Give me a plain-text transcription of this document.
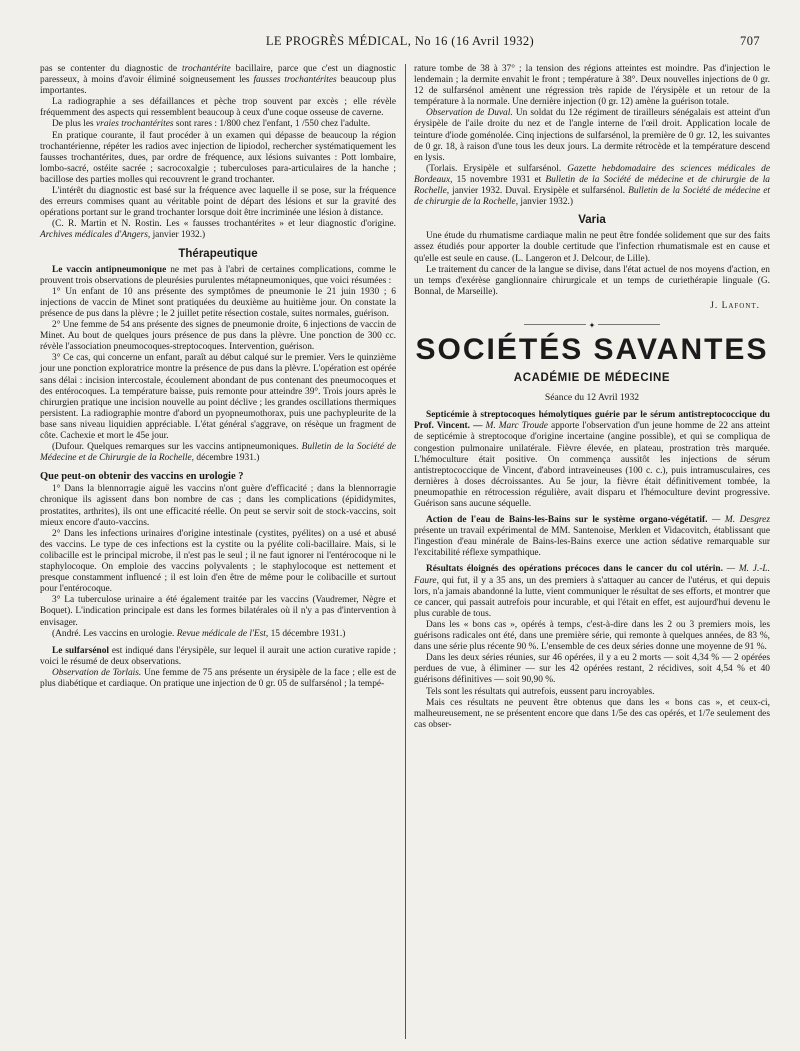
LE PROGRÈS MÉDICAL, No 16 (16 Avril 1932)	707

pas se contenter du diagnostic de trochantérite bacillaire, parce que c'est un diagnostic paresseux, à moins d'avoir éliminé soigneusement les fausses trochantérites beaucoup plus importantes.

La radiographie a ses défaillances et pèche trop souvent par excès ; elle révèle fréquemment des aspects qui ressemblent beaucoup à ceux d'une coque osseuse de caverne.

De plus les vraies trochantérites sont rares : 1/800 chez l'enfant, 1 /550 chez l'adulte.

En pratique courante, il faut procéder à un examen qui dépasse de beaucoup la région trochantérienne, répéter les radios avec injection de lipiodol, rechercher systématiquement les fausses trochantérites, dues, par ordre de fréquence, aux lésions suivantes : Pott lombaire, lombo-sacré, ostéite sacrée ; sacrocoxalgie ; tuberculoses para-articulaires de la hanche ; bacillose des parties molles qui recouvrent le grand trochanter.

L'intérêt du diagnostic est basé sur la fréquence avec laquelle il se pose, sur la fréquence des erreurs commises quant au véritable point de départ des lésions et sur la gravité des opérations portant sur le grand trochanter lorsque doit être incriminée une lésion à distance.

(C. R. Martin et N. Rostin. Les « fausses trochantérites » et leur diagnostic d'origine. Archives médicales d'Angers, janvier 1932.)

Thérapeutique

Le vaccin antipneumonique ne met pas à l'abri de certaines complications, comme le prouvent trois observations de pleurésies purulentes métapneumoniques, que voici résumées :

1° Un enfant de 10 ans présente des symptômes de pneumonie le 21 juin 1930 ; 6 injections de vaccin de Minet sont pratiquées du deuxième au huitième jour. On constate la présence de pus dans la plèvre ; le 2 juillet petite résection costale, suites normales, guérison.

2° Une femme de 54 ans présente des signes de pneumonie droite, 6 injections de vaccin de Minet. Au bout de quelques jours présence de pus dans la plèvre. Une ponction de 300 cc. révèle l'association pneumocoques-streptocoques. Intervention, guérison.

3° Ce cas, qui concerne un enfant, paraît au début calqué sur le premier. Vers le quinzième jour une ponction exploratrice montre la présence de pus dans la plèvre. L'opération est opérée sans délai : incision intercostale, écoulement abondant de pus contenant des pneumocoques et des entérocoques. La température baisse, puis remonte pour atteindre 39°. Trois jours après le chirurgien pratique une incision nouvelle au point déclive ; les grandes oscillations thermiques persistent. La radiographie montre d'abord un pyopneumothorax, puis une pachypleurite de la base sans niveau liquidien appréciable. L'état général s'aggrave, on résèque un fragment de côte. Cachexie et mort le 45e jour.

(Dufour. Quelques remarques sur les vaccins antipneumoniques. Bulletin de la Société de Médecine et de Chirurgie de la Rochelle, décembre 1931.)

Que peut-on obtenir des vaccins en urologie ?

1° Dans la blennorragie aiguë les vaccins n'ont guère d'efficacité ; dans la blennorragie chronique ils agissent dans bon nombre de cas ; dans les complications (épididymites, prostatites, arthrites), ils ont une efficacité réelle. On peut se servir soit de stock-vaccins, soit mieux encore d'auto-vaccins.

2° Dans les infections urinaires d'origine intestinale (cystites, pyélites) on a usé et abusé des vaccins. Le type de ces infections est la cystite ou la pyélite coli-bacillaire. Mais, si le colibacille est le principal microbe, il n'est pas le seul ; il ne faut ignorer ni l'entérocoque ni le staphylocoque. On emploie des vaccins polyvalents ; le staphylocoque est nettement et presque constamment influencé ; il est loin d'en être de même pour le colibacille et surtout pour l'entérocoque.

3° La tuberculose urinaire a été également traitée par les vaccins (Vaudremer, Nègre et Boquet). L'indication principale est dans les formes bilatérales où il n'y a pas d'intervention à envisager.

(André. Les vaccins en urologie. Revue médicale de l'Est, 15 décembre 1931.)

Le sulfarsénol est indiqué dans l'érysipèle, sur lequel il aurait une action curative rapide ; voici le résumé de deux observations.

Observation de Torlais. Une femme de 75 ans présente un érysipèle de la face ; elle est de plus diabétique et cardiaque. On pratique une injection de 0 gr. 05 de sulfarsénol ; la tempé-

rature tombe de 38 à 37° ; la tension des régions atteintes est moindre. Pas d'injection le lendemain ; la dermite envahit le front ; température à 38°. Deux nouvelles injections de 0 gr. 12 de sulfarsénol amènent une régression très rapide de l'érysipèle et un retour de la température à la normale. Une dernière injection (0 gr. 12) amène la guérison totale.

Observation de Duval. Un soldat du 12e régiment de tirailleurs sénégalais est atteint d'un érysipèle de l'aile droite du nez et de l'angle interne de l'œil droit. Application locale de teinture d'iode goménolée. Cinq injections de sulfarsénol, la première de 0 gr. 12, les suivantes de 0 gr. 18, à raison d'une tous les deux jours. La dermite rétrocède et la température descend en lysis.

(Torlais. Erysipèle et sulfarsénol. Gazette hebdomadaire des sciences médicales de Bordeaux, 15 novembre 1931 et Bulletin de la Société de médecine et de chirurgie de la Rochelle, janvier 1932. Duval. Erysipèle et sulfarsénol. Bulletin de la Société de médecine et de chirurgie de la Rochelle, janvier 1932.)

Varia

Une étude du rhumatisme cardiaque malin ne peut être fondée solidement que sur des faits assez étudiés pour apporter la double certitude que l'infection rhumatismale est en cause et qu'elle est seule en cause. (L. Langeron et J. Delcour, de Lille).

Le traitement du cancer de la langue se divise, dans l'état actuel de nos moyens d'action, en un temps d'exérèse ganglionnaire chirurgicale et un temps de curiethérapie linguale (G. Bonnal, de Marseille).

J. Lafont.
✦
SOCIÉTÉS SAVANTES
ACADÉMIE DE MÉDECINE
Séance du 12 Avril 1932

Septicémie à streptocoques hémolytiques guérie par le sérum antistreptococcique du Prof. Vincent. — M. Marc Troude apporte l'observation d'un jeune homme de 22 ans atteint de septicémie à streptocoque d'origine incertaine (angine possible), et qui se compliqua de congestion pulmonaire unilatérale. Fièvre élevée, en plateau, prostration très marquée. L'hémoculture était positive. On commença aussitôt les injections de sérum antistreptococcique de Vincent, d'abord intraveineuses (100 c. c.), puis intramusculaires, ces dernières à doses décroissantes. Au 5e jour, la fièvre était définitivement tombée, la pneumopathie en rétrocession régulière, avait disparu et l'hémoculture devint progressive. Guérison sans aucune séquelle.

Action de l'eau de Bains-les-Bains sur le système organo-végétatif. — M. Desgrez présente un travail expérimental de MM. Santenoise, Merklen et Vidacovitch, établissant que l'ingestion d'eau minérale de Bains-les-Bains exerce une action sédative remarquable sur l'excitabilité réflexe sympathique.

Résultats éloignés des opérations précoces dans le cancer du col utérin. — M. J.-L. Faure, qui fut, il y a 35 ans, un des premiers à s'attaquer au cancer de l'utérus, et qui depuis lors, n'a jamais abandonné la lutte, vient communiquer le résultat de ses efforts, et montrer que ce cancer, qui passait autrefois pour incurable, et qui l'était en effet, est aujourd'hui devenu le plus curable de tous.

Dans les « bons cas », opérés à temps, c'est-à-dire dans les 2 ou 3 premiers mois, les guérisons radicales ont été, dans une première série, qui remonte à quelques années, de 83 %, dans une série plus récente 90 %. L'ensemble de ces deux séries donne une moyenne de 91 %.

Dans les deux séries réunies, sur 46 opérées, il y a eu 2 morts — soit 4,34 % — 2 opérées perdues de vue, à éliminer — sur les 42 opérées restant, 2 récidives, soit 4,54 % et 40 guérisons définitives — soit 90,90 %.

Tels sont les résultats qui autrefois, eussent paru incroyables.

Mais ces résultats ne peuvent être obtenus que dans les « bons cas », et ceux-ci, malheureusement, ne se présentent encore que dans 1/5e des cas opérés, et 1/7e seulement des cas obser-
